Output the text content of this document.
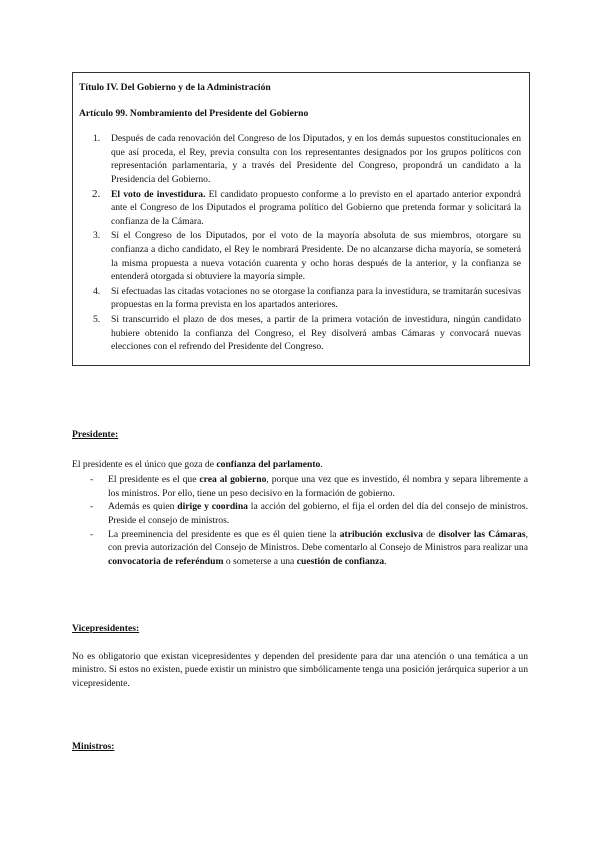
Título IV. Del Gobierno y de la Administración

Artículo 99. Nombramiento del Presidente del Gobierno

1. Después de cada renovación del Congreso de los Diputados, y en los demás supuestos constitucionales en que así proceda, el Rey, previa consulta con los representantes designados por los grupos políticos con representación parlamentaria, y a través del Presidente del Congreso, propondrá un candidato a la Presidencia del Gobierno.
2. El voto de investidura. El candidato propuesto conforme a lo previsto en el apartado anterior expondrá ante el Congreso de los Diputados el programa político del Gobierno que pretenda formar y solicitará la confianza de la Cámara.
3. Si el Congreso de los Diputados, por el voto de la mayoría absoluta de sus miembros, otorgare su confianza a dicho candidato, el Rey le nombrará Presidente. De no alcanzarse dicha mayoría, se someterá la misma propuesta a nueva votación cuarenta y ocho horas después de la anterior, y la confianza se entenderá otorgada si obtuviere la mayoría simple.
4. Si efectuadas las citadas votaciones no se otorgase la confianza para la investidura, se tramitarán sucesivas propuestas en la forma prevista en los apartados anteriores.
5. Si transcurrido el plazo de dos meses, a partir de la primera votación de investidura, ningún candidato hubiere obtenido la confianza del Congreso, el Rey disolverá ambas Cámaras y convocará nuevas elecciones con el refrendo del Presidente del Congreso.

Presidente:

El presidente es el único que goza de confianza del parlamento.

- El presidente es el que crea al gobierno, porque una vez que es investido, él nombra y separa libremente a los ministros. Por ello, tiene un peso decisivo en la formación de gobierno.
- Además es quien dirige y coordina la acción del gobierno, el fija el orden del día del consejo de ministros. Preside el consejo de ministros.
- La preeminencia del presidente es que es él quien tiene la atribución exclusiva de disolver las Cámaras, con previa autorización del Consejo de Ministros. Debe comentarlo al Consejo de Ministros para realizar una convocatoria de referéndum o someterse a una cuestión de confianza.

Vicepresidentes:

No es obligatorio que existan vicepresidentes y dependen del presidente para dar una atención o una temática a un ministro. Si estos no existen, puede existir un ministro que simbólicamente tenga una posición jerárquica superior a un vicepresidente.

Ministros:
